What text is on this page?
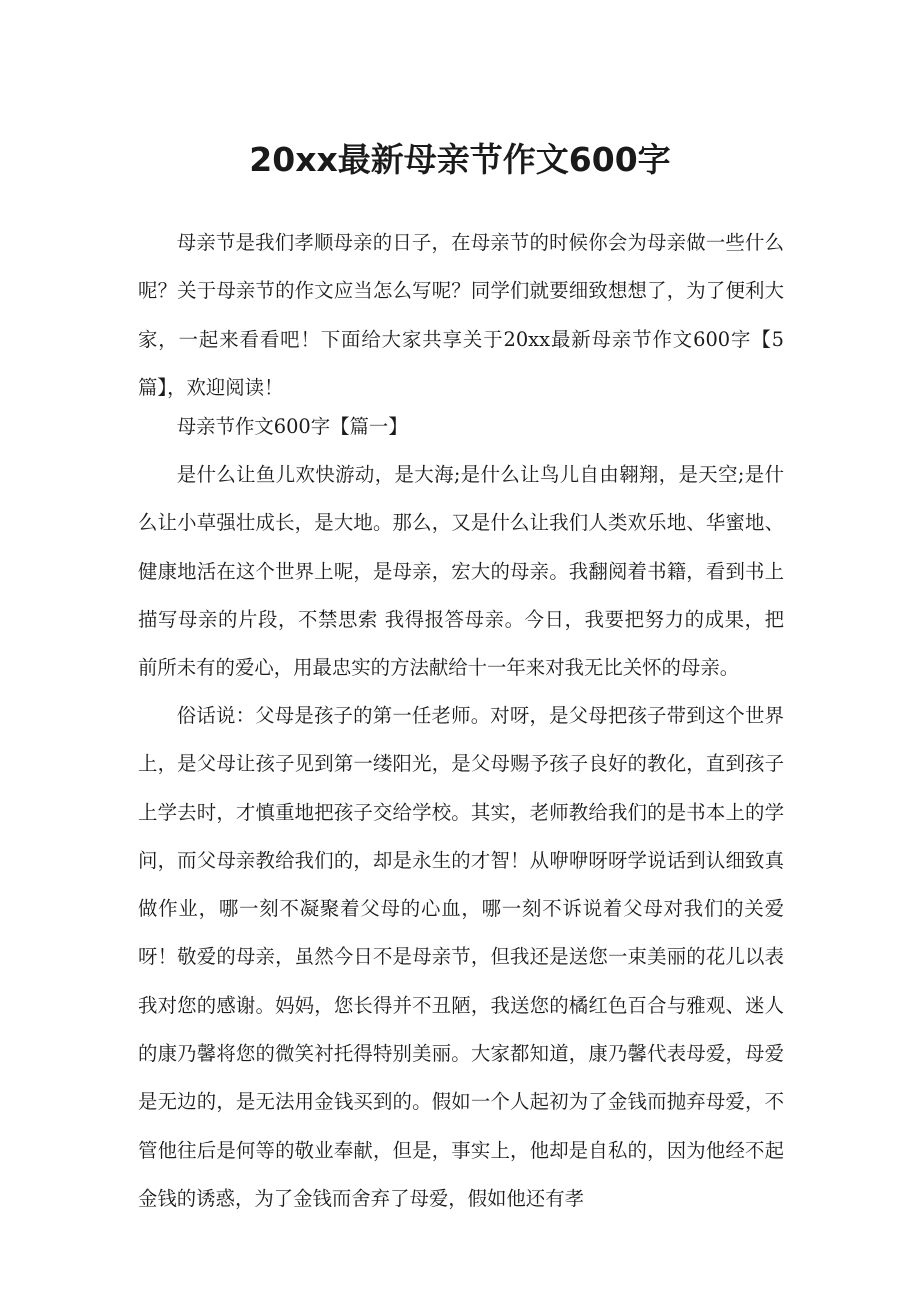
20xx最新母亲节作文600字

母亲节是我们孝顺母亲的日子，在母亲节的时候你会为母亲做一些什么呢？关于母亲节的作文应当怎么写呢？同学们就要细致想想了，为了便利大家，一起来看看吧！下面给大家共享关于20xx最新母亲节作文600字【5篇】，欢迎阅读！

母亲节作文600字【篇一】

是什么让鱼儿欢快游动，是大海;是什么让鸟儿自由翱翔，是天空;是什么让小草强壮成长，是大地。那么，又是什么让我们人类欢乐地、华蜜地、健康地活在这个世界上呢，是母亲，宏大的母亲。我翻阅着书籍，看到书上描写母亲的片段，不禁思索 我得报答母亲。今日，我要把努力的成果，把前所未有的爱心，用最忠实的方法献给十一年来对我无比关怀的母亲。

俗话说：父母是孩子的第一任老师。对呀，是父母把孩子带到这个世界上，是父母让孩子见到第一缕阳光，是父母赐予孩子良好的教化，直到孩子上学去时，才慎重地把孩子交给学校。其实，老师教给我们的是书本上的学问，而父母亲教给我们的，却是永生的才智！从咿咿呀呀学说话到认细致真做作业，哪一刻不凝聚着父母的心血，哪一刻不诉说着父母对我们的关爱呀！敬爱的母亲，虽然今日不是母亲节，但我还是送您一束美丽的花儿以表我对您的感谢。妈妈，您长得并不丑陋，我送您的橘红色百合与雅观、迷人的康乃馨将您的微笑衬托得特别美丽。大家都知道，康乃馨代表母爱，母爱是无边的，是无法用金钱买到的。假如一个人起初为了金钱而抛弃母爱，不管他往后是何等的敬业奉献，但是，事实上，他却是自私的，因为他经不起金钱的诱惑，为了金钱而舍弃了母爱，假如他还有孝
